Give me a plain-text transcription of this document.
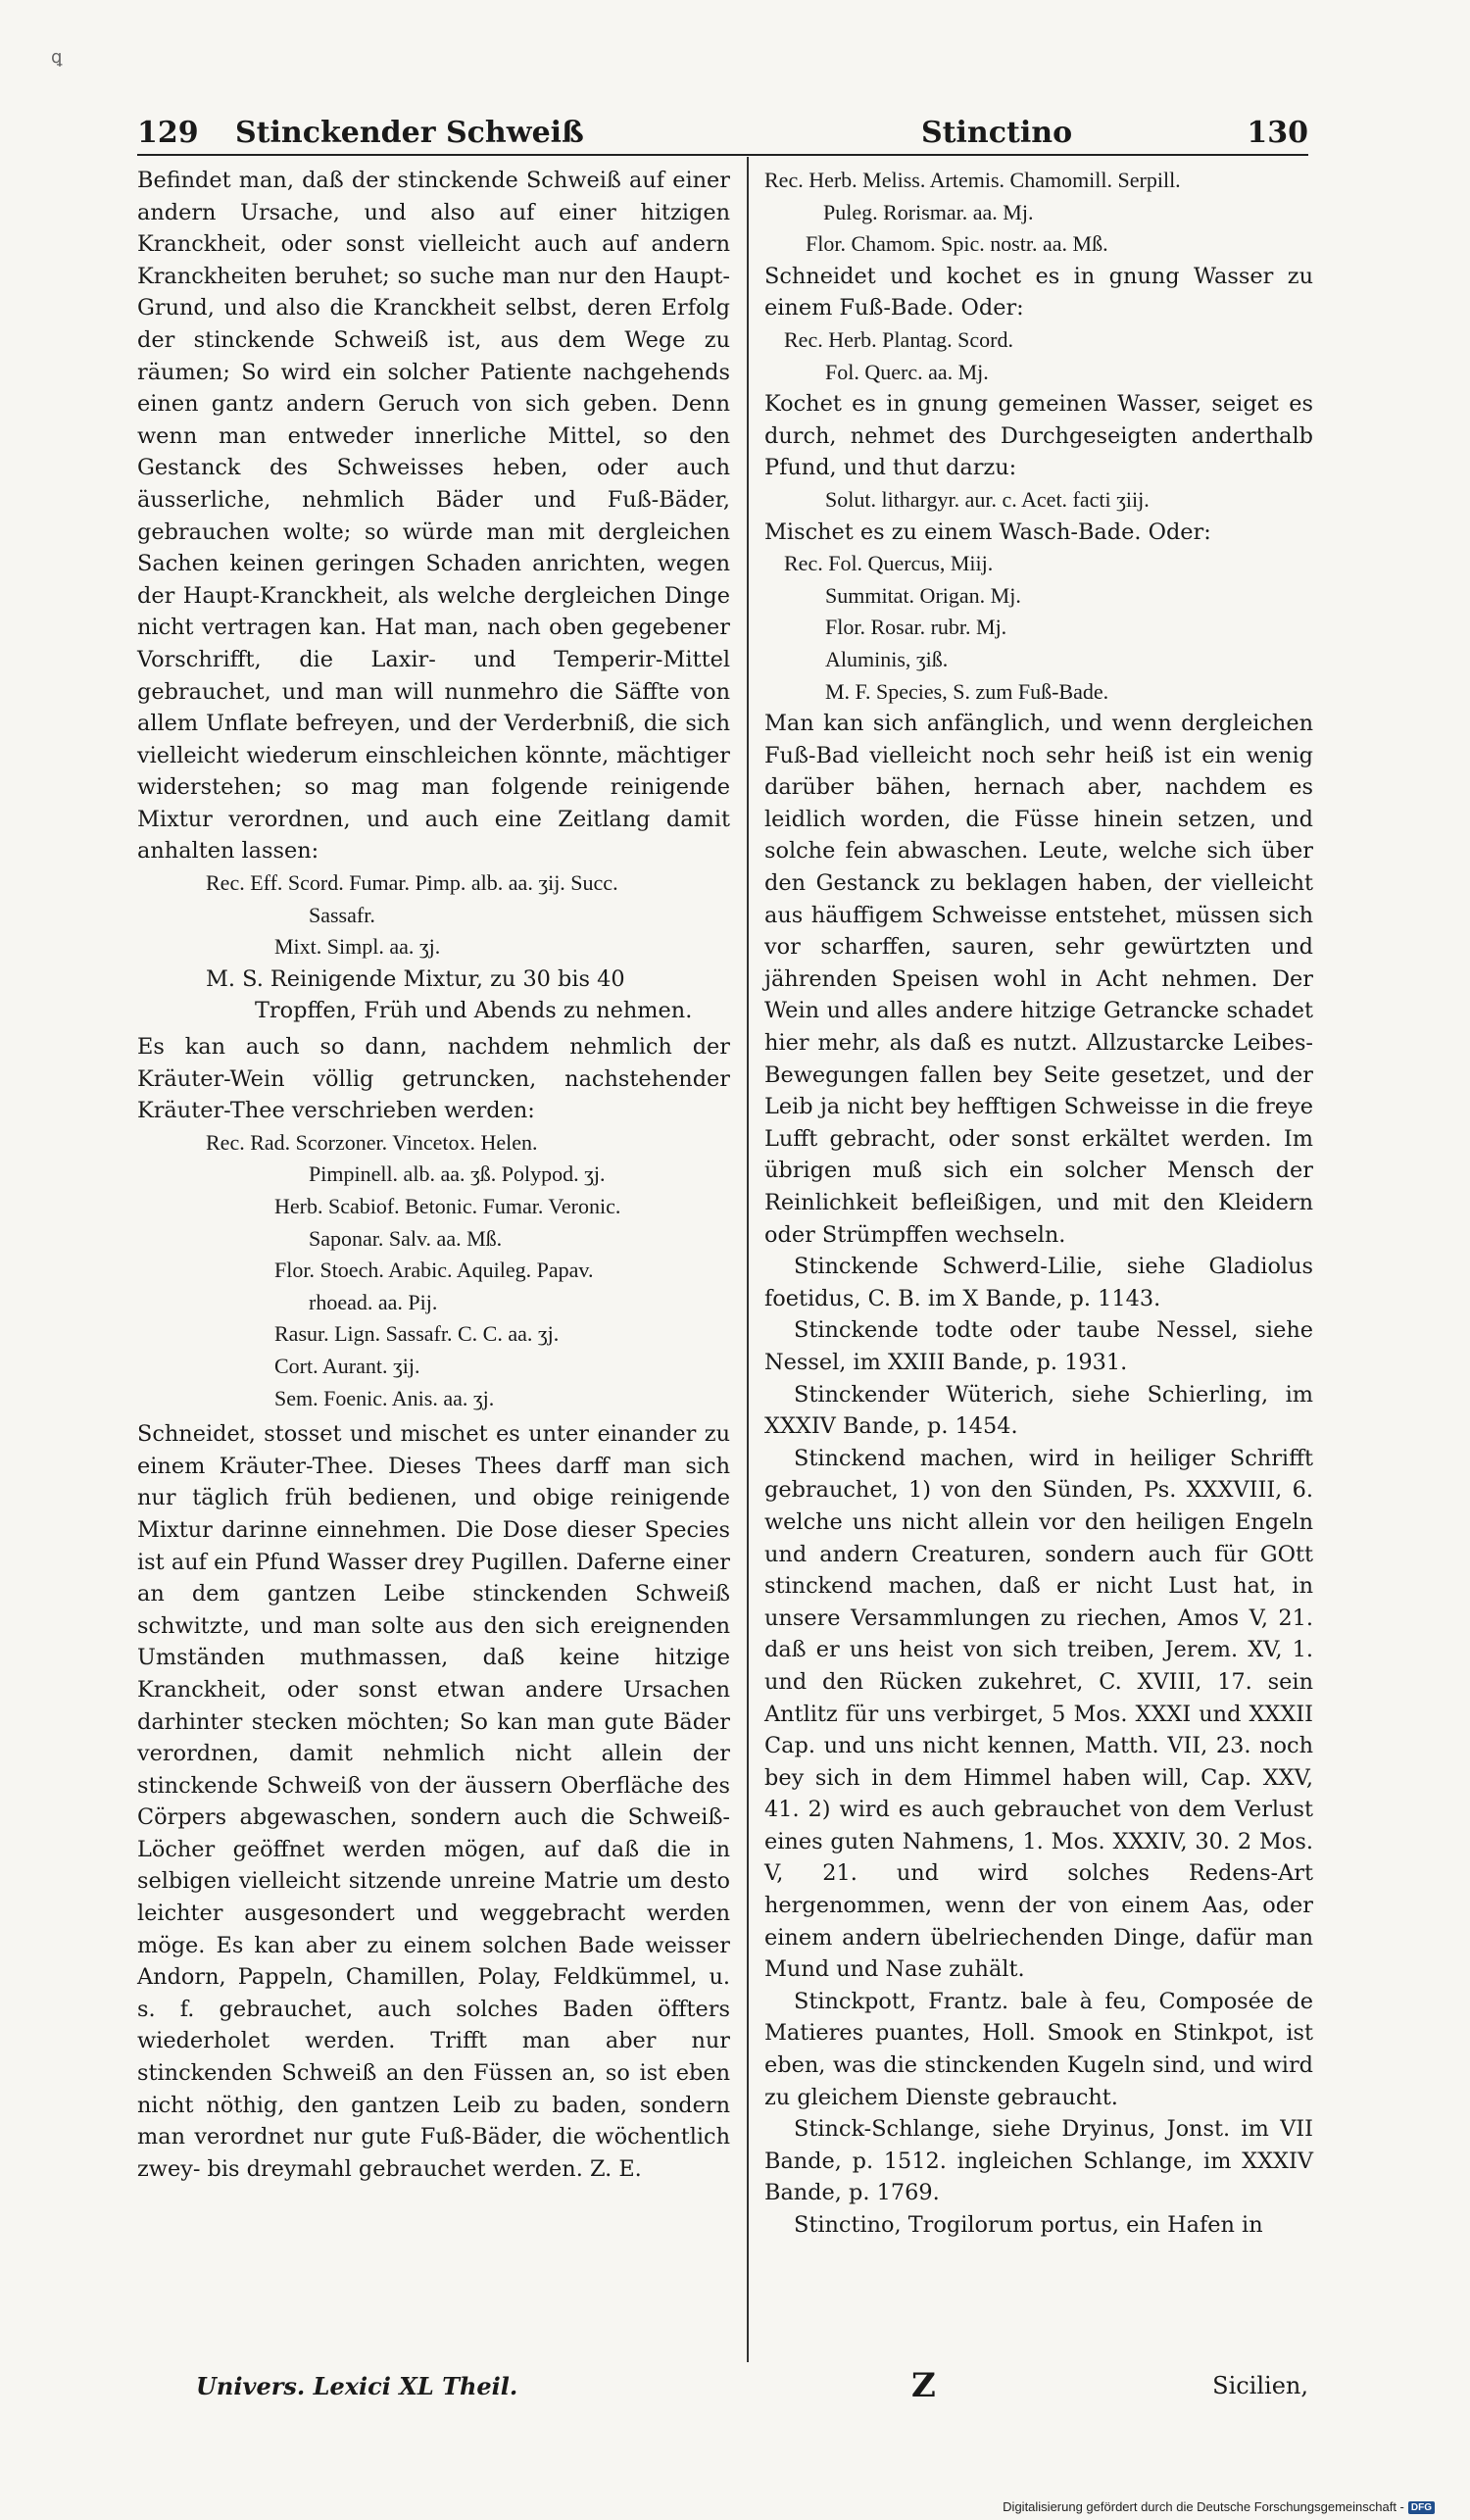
ꝗ
129 Stinckender Schweiß	Stinctino	130

Befindet man, daß der stinckende Schweiß auf einer andern Ursache, und also auf einer hitzigen Kranckheit, oder sonst vielleicht auch auf andern Kranckheiten beruhet; so suche man nur den Haupt-Grund, und also die Kranckheit selbst, deren Erfolg der stinckende Schweiß ist, aus dem Wege zu räumen; So wird ein solcher Patiente nachgehends einen gantz andern Geruch von sich geben. Denn wenn man entweder innerliche Mittel, so den Gestanck des Schweisses heben, oder auch äusserliche, nehmlich Bäder und Fuß-Bäder, gebrauchen wolte; so würde man mit dergleichen Sachen keinen geringen Schaden anrichten, wegen der Haupt-Kranckheit, als welche dergleichen Dinge nicht vertragen kan. Hat man, nach oben gegebener Vorschrifft, die Laxir- und Temperir-Mittel gebrauchet, und man will nunmehro die Säffte von allem Unflate befreyen, und der Verderbniß, die sich vielleicht wiederum einschleichen könnte, mächtiger widerstehen; so mag man folgende reinigende Mixtur verordnen, und auch eine Zeitlang damit anhalten lassen:

Rec. Eff. Scord. Fumar. Pimp. alb. aa. ʒij. Succ.

Sassafr.

Mixt. Simpl. aa. ʒj.

M. S. Reinigende Mixtur, zu 30 bis 40

Tropffen, Früh und Abends zu nehmen.

Es kan auch so dann, nachdem nehmlich der Kräuter-Wein völlig getruncken, nachstehender Kräuter-Thee verschrieben werden:

Rec. Rad. Scorzoner. Vincetox. Helen.

Pimpinell. alb. aa. ʒß. Polypod. ʒj.

Herb. Scabiof. Betonic. Fumar. Veronic.

Saponar. Salv. aa. Mß.

Flor. Stoech. Arabic. Aquileg. Papav.

rhoead. aa. Pij.

Rasur. Lign. Sassafr. C. C. aa. ʒj.

Cort. Aurant. ʒij.

Sem. Foenic. Anis. aa. ʒj.

Schneidet, stosset und mischet es unter einander zu einem Kräuter-Thee. Dieses Thees darff man sich nur täglich früh bedienen, und obige reinigende Mixtur darinne einnehmen. Die Dose dieser Species ist auf ein Pfund Wasser drey Pugillen. Daferne einer an dem gantzen Leibe stinckenden Schweiß schwitzte, und man solte aus den sich ereignenden Umständen muthmassen, daß keine hitzige Kranckheit, oder sonst etwan andere Ursachen darhinter stecken möchten; So kan man gute Bäder verordnen, damit nehmlich nicht allein der stinckende Schweiß von der äussern Oberfläche des Cörpers abgewaschen, sondern auch die Schweiß-Löcher geöffnet werden mögen, auf daß die in selbigen vielleicht sitzende unreine Matrie um desto leichter ausgesondert und weggebracht werden möge. Es kan aber zu einem solchen Bade weisser Andorn, Pappeln, Chamillen, Polay, Feldkümmel, u. s. f. gebrauchet, auch solches Baden öffters wiederholet werden. Trifft man aber nur stinckenden Schweiß an den Füssen an, so ist eben nicht nöthig, den gantzen Leib zu baden, sondern man verordnet nur gute Fuß-Bäder, die wöchentlich zwey- bis dreymahl gebrauchet werden. Z. E.

Rec. Herb. Meliss. Artemis. Chamomill. Serpill.

Puleg. Rorismar. aa. Mj.

Flor. Chamom. Spic. nostr. aa. Mß.

Schneidet und kochet es in gnung Wasser zu einem Fuß-Bade. Oder:

Rec. Herb. Plantag. Scord.

Fol. Querc. aa. Mj.

Kochet es in gnung gemeinen Wasser, seiget es durch, nehmet des Durchgeseigten anderthalb Pfund, und thut darzu:

Solut. lithargyr. aur. c. Acet. facti ʒiij.

Mischet es zu einem Wasch-Bade. Oder:

Rec. Fol. Quercus, Miij.

Summitat. Origan. Mj.

Flor. Rosar. rubr. Mj.

Aluminis, ʒiß.

M. F. Species, S. zum Fuß-Bade.

Man kan sich anfänglich, und wenn dergleichen Fuß-Bad vielleicht noch sehr heiß ist ein wenig darüber bähen, hernach aber, nachdem es leidlich worden, die Füsse hinein setzen, und solche fein abwaschen. Leute, welche sich über den Gestanck zu beklagen haben, der vielleicht aus häuffigem Schweisse entstehet, müssen sich vor scharffen, sauren, sehr gewürtzten und jährenden Speisen wohl in Acht nehmen. Der Wein und alles andere hitzige Getrancke schadet hier mehr, als daß es nutzt. Allzustarcke Leibes-Bewegungen fallen bey Seite gesetzet, und der Leib ja nicht bey hefftigen Schweisse in die freye Lufft gebracht, oder sonst erkältet werden. Im übrigen muß sich ein solcher Mensch der Reinlichkeit befleißigen, und mit den Kleidern oder Strümpffen wechseln.

Stinckende Schwerd-Lilie, siehe Gladiolus foetidus, C. B. im X Bande, p. 1143.

Stinckende todte oder taube Nessel, siehe Nessel, im XXIII Bande, p. 1931.

Stinckender Wüterich, siehe Schierling, im XXXIV Bande, p. 1454.

Stinckend machen, wird in heiliger Schrifft gebrauchet, 1) von den Sünden, Ps. XXXVIII, 6. welche uns nicht allein vor den heiligen Engeln und andern Creaturen, sondern auch für GOtt stinckend machen, daß er nicht Lust hat, in unsere Versammlungen zu riechen, Amos V, 21. daß er uns heist von sich treiben, Jerem. XV, 1. und den Rücken zukehret, C. XVIII, 17. sein Antlitz für uns verbirget, 5 Mos. XXXI und XXXII Cap. und uns nicht kennen, Matth. VII, 23. noch bey sich in dem Himmel haben will, Cap. XXV, 41. 2) wird es auch gebrauchet von dem Verlust eines guten Nahmens, 1. Mos. XXXIV, 30. 2 Mos. V, 21. und wird solches Redens-Art hergenommen, wenn der von einem Aas, oder einem andern übelriechenden Dinge, dafür man Mund und Nase zuhält.

Stinckpott, Frantz. bale à feu, Composée de Matieres puantes, Holl. Smook en Stinkpot, ist eben, was die stinckenden Kugeln sind, und wird zu gleichem Dienste gebraucht.

Stinck-Schlange, siehe Dryinus, Jonst. im VII Bande, p. 1512. ingleichen Schlange, im XXXIV Bande, p. 1769.

Stinctino, Trogilorum portus, ein Hafen in

Univers. Lexici XL Theil.	Z	Sicilien,
Digitalisierung gefördert durch die Deutsche Forschungsgemeinschaft - DFG
